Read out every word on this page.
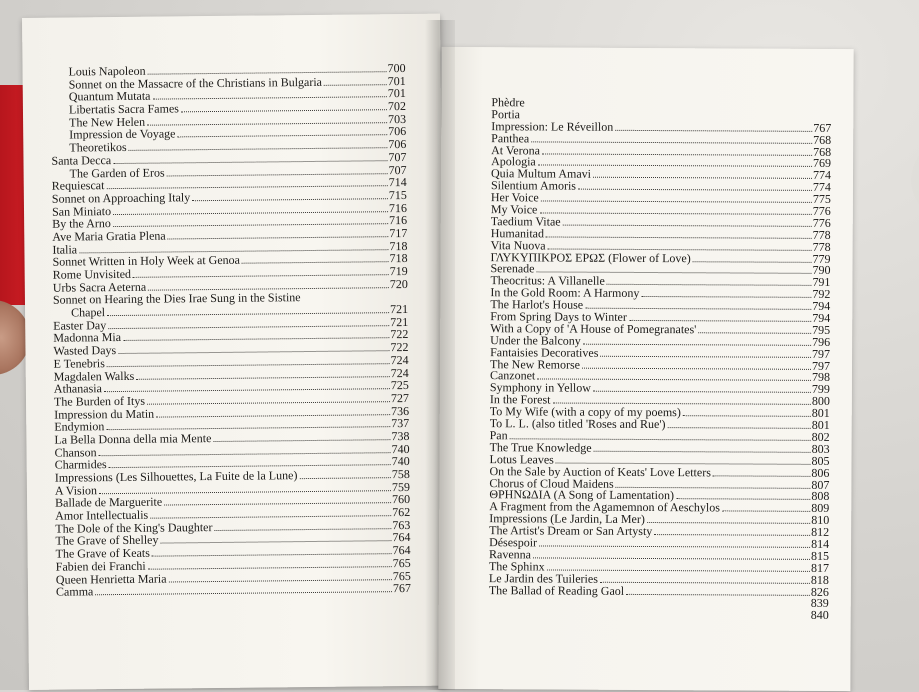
Louis Napoleon	700
Sonnet on the Massacre of the Christians in Bulgaria	701
Quantum Mutata	701
Libertatis Sacra Fames	702
The New Helen	703
Impression de Voyage	706
Theoretikos	706
Santa Decca	707
The Garden of Eros	707
Requiescat	714
Sonnet on Approaching Italy	715
San Miniato	716
By the Arno	716
Ave Maria Gratia Plena	717
Italia	718
Sonnet Written in Holy Week at Genoa	718
Rome Unvisited	719
Urbs Sacra Aeterna	720
Sonnet on Hearing the Dies Irae Sung in the Sistine
Chapel	721
Easter Day	721
Madonna Mia	722
Wasted Days	722
E Tenebris	724
Magdalen Walks	724
Athanasia	725
The Burden of Itys	727
Impression du Matin	736
Endymion	737
La Bella Donna della mia Mente	738
Chanson	740
Charmides	740
Impressions (Les Silhouettes, La Fuite de la Lune)	758
A Vision	759
Ballade de Marguerite	760
Amor Intellectualis	762
The Dole of the King's Daughter	763
The Grave of Shelley	764
The Grave of Keats	764
Fabien dei Franchi	765
Queen Henrietta Maria	765
Camma	767
Phèdre
Portia
Impression: Le Réveillon	767
Panthea	768
At Verona	768
Apologia	769
Quia Multum Amavi	774
Silentium Amoris	774
Her Voice	775
My Voice	776
Taedium Vitae	776
Humanitad	778
Vita Nuova	778
ΓΛΥΚΥΠΙΚΡΟΣ ΕΡΩΣ (Flower of Love)	779
Serenade	790
Theocritus: A Villanelle	791
In the Gold Room: A Harmony	792
The Harlot's House	794
From Spring Days to Winter	794
With a Copy of 'A House of Pomegranates'	795
Under the Balcony	796
Fantaisies Decoratives	797
The New Remorse	797
Canzonet	798
Symphony in Yellow	799
In the Forest	800
To My Wife (with a copy of my poems)	801
To L. L. (also titled 'Roses and Rue')	801
Pan	802
The True Knowledge	803
Lotus Leaves	805
On the Sale by Auction of Keats' Love Letters	806
Chorus of Cloud Maidens	807
ΘΡΗΝΩΔΙΑ (A Song of Lamentation)	808
A Fragment from the Agamemnon of Aeschylos	809
Impressions (Le Jardin, La Mer)	810
The Artist's Dream or San Artysty	812
Désespoir	814
Ravenna	815
The Sphinx	817
Le Jardin des Tuileries	818
The Ballad of Reading Gaol	826
839
840
